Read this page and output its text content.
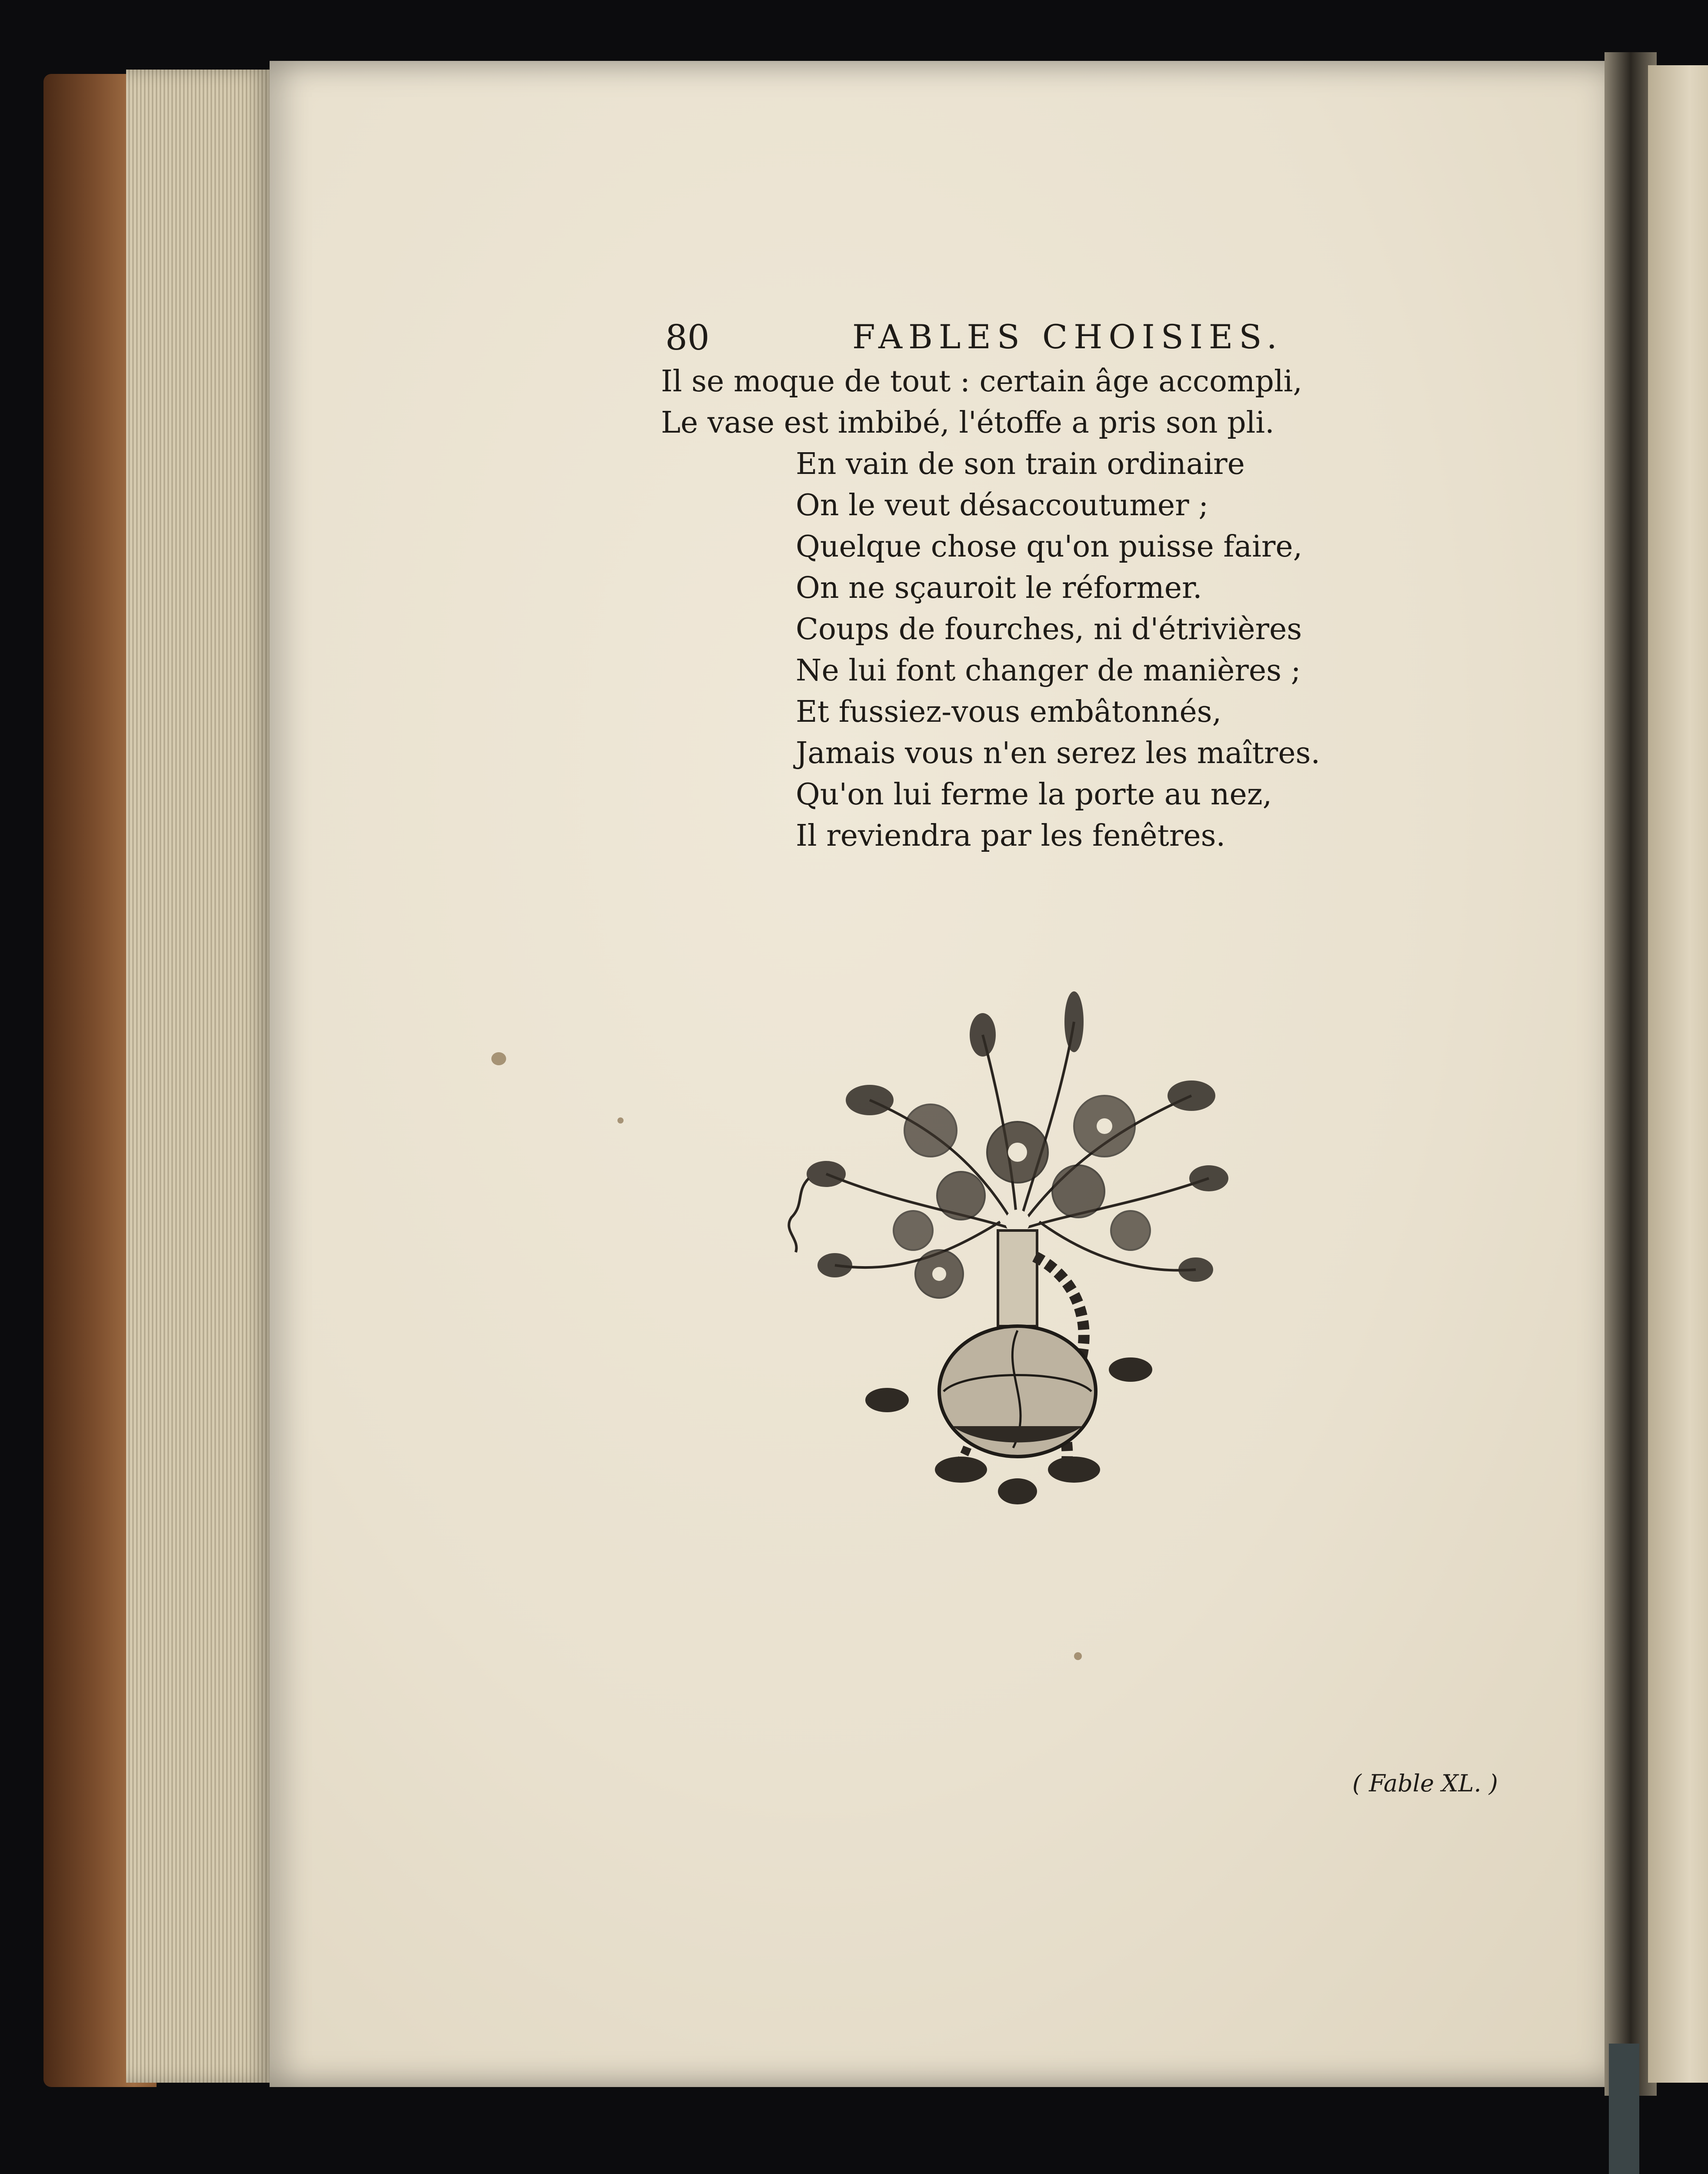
80	FABLES CHOISIES.
Il se moque de tout : certain âge accompli,
Le vase est imbibé, l'étoffe a pris son pli.
En vain de son train ordinaire
On le veut désaccoutumer ;
Quelque chose qu'on puisse faire,
On ne sçauroit le réformer.
Coups de fourches, ni d'étrivières
Ne lui font changer de manières ;
Et fussiez-vous embâtonnés,
Jamais vous n'en serez les maîtres.
Qu'on lui ferme la porte au nez,
Il reviendra par les fenêtres.
( Fable XL. )
